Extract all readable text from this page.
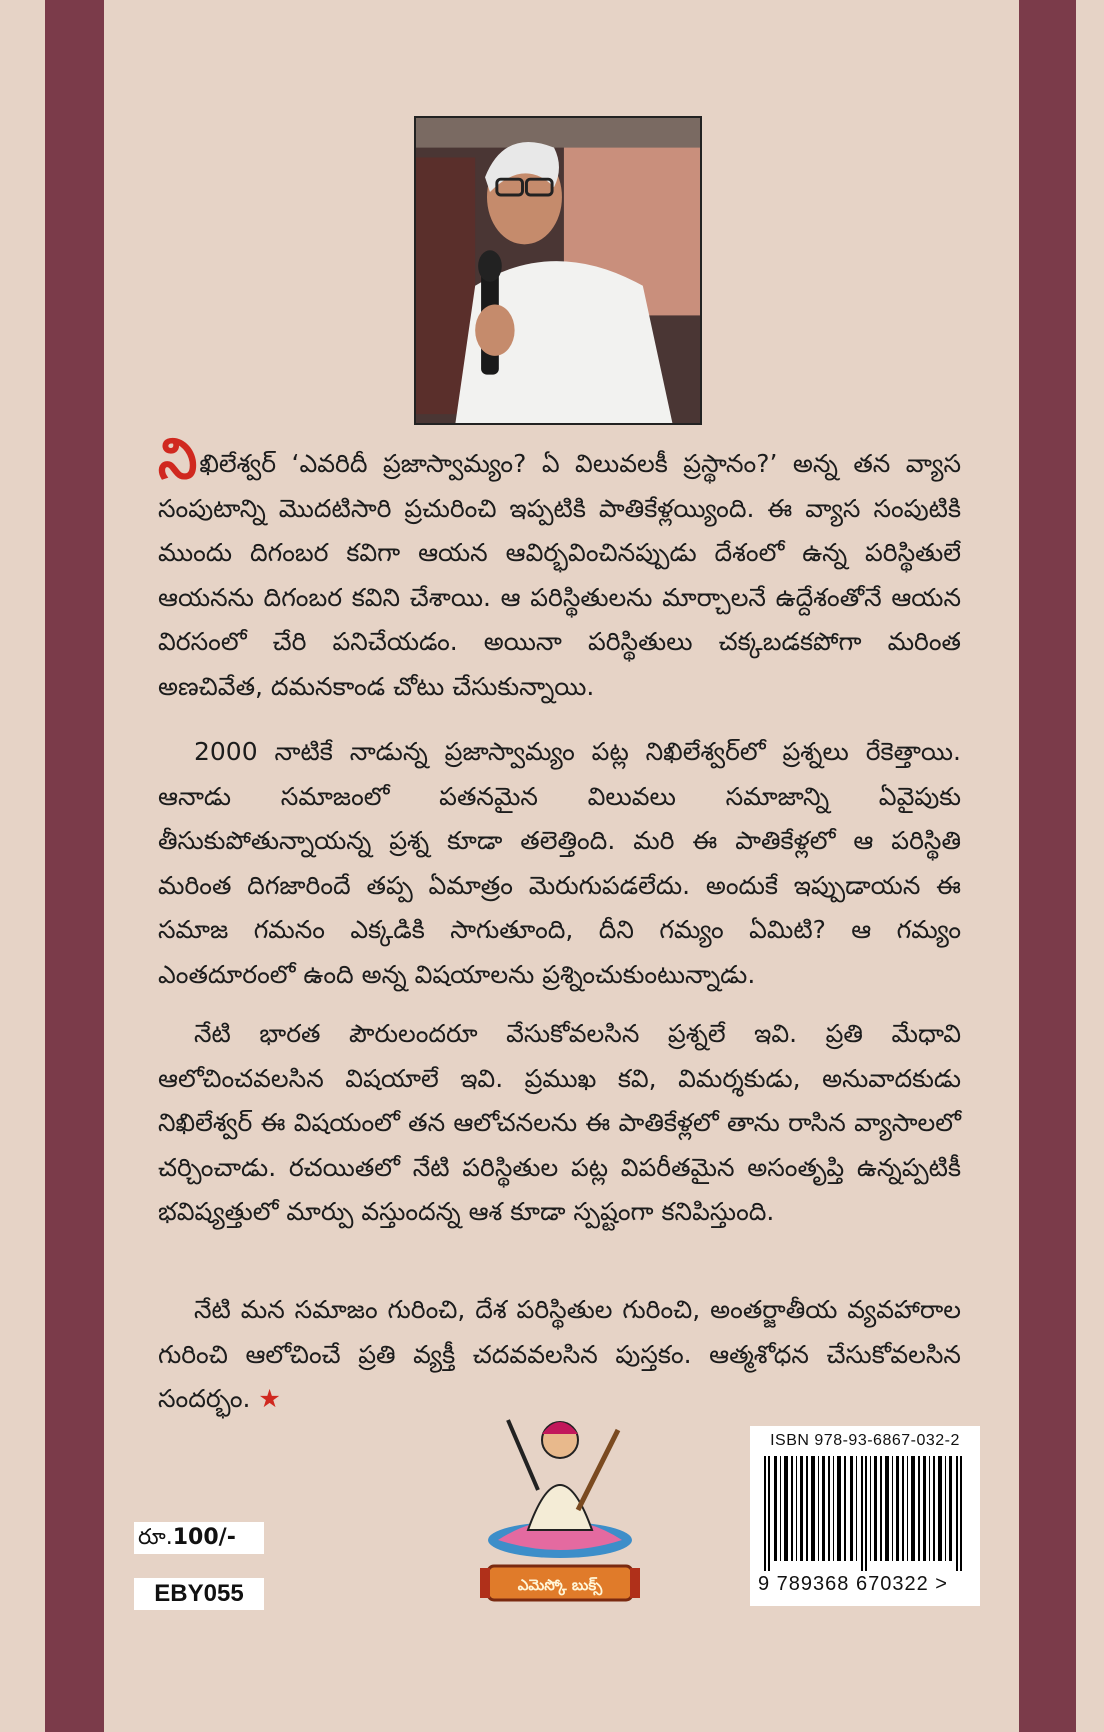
నిఖిలేశ్వర్ ‘ఎవరిదీ ప్రజాస్వామ్యం? ఏ విలువలకీ ప్రస్థానం?’ అన్న తన వ్యాస సంపుటాన్ని మొదటిసారి ప్రచురించి ఇప్పటికి పాతికేళ్లయ్యింది. ఈ వ్యాస సంపుటికి ముందు దిగంబర కవిగా ఆయన ఆవిర్భవించినప్పుడు దేశంలో ఉన్న పరిస్థితులే ఆయనను దిగంబర కవిని చేశాయి. ఆ పరిస్థితులను మార్చాలనే ఉద్దేశంతోనే ఆయన విరసంలో చేరి పనిచేయడం. అయినా పరిస్థితులు చక్కబడకపోగా మరింత అణచివేత, దమనకాండ చోటు చేసుకున్నాయి.

2000 నాటికే నాడున్న ప్రజాస్వామ్యం పట్ల నిఖిలేశ్వర్‌లో ప్రశ్నలు రేకెత్తాయి. ఆనాడు సమాజంలో పతనమైన విలువలు సమాజాన్ని ఏవైపుకు తీసుకుపోతున్నాయన్న ప్రశ్న కూడా తలెత్తింది. మరి ఈ పాతికేళ్లలో ఆ పరిస్థితి మరింత దిగజారిందే తప్ప ఏమాత్రం మెరుగుపడలేదు. అందుకే ఇప్పుడాయన ఈ సమాజ గమనం ఎక్కడికి సాగుతూంది, దీని గమ్యం ఏమిటి? ఆ గమ్యం ఎంతదూరంలో ఉంది అన్న విషయాలను ప్రశ్నించుకుంటున్నాడు.

నేటి భారత పౌరులందరూ వేసుకోవలసిన ప్రశ్నలే ఇవి. ప్రతి మేధావి ఆలోచించవలసిన విషయాలే ఇవి. ప్రముఖ కవి, విమర్శకుడు, అనువాదకుడు నిఖిలేశ్వర్ ఈ విషయంలో తన ఆలోచనలను ఈ పాతికేళ్లలో తాను రాసిన వ్యాసాలలో చర్చించాడు. రచయితలో నేటి పరిస్థితుల పట్ల విపరీతమైన అసంతృప్తి ఉన్నప్పటికీ భవిష్యత్తులో మార్పు వస్తుందన్న ఆశ కూడా స్పష్టంగా కనిపిస్తుంది.

నేటి మన సమాజం గురించి, దేశ పరిస్థితుల గురించి, అంతర్జాతీయ వ్యవహారాల గురించి ఆలోచించే ప్రతి వ్యక్తీ చదవవలసిన పుస్తకం. ఆత్మశోధన చేసుకోవలసిన సందర్భం. ★

ఎమెస్కో బుక్స్
ISBN 978-93-6867-032-2
9 789368 670322 >
రూ.100/-
EBY055
